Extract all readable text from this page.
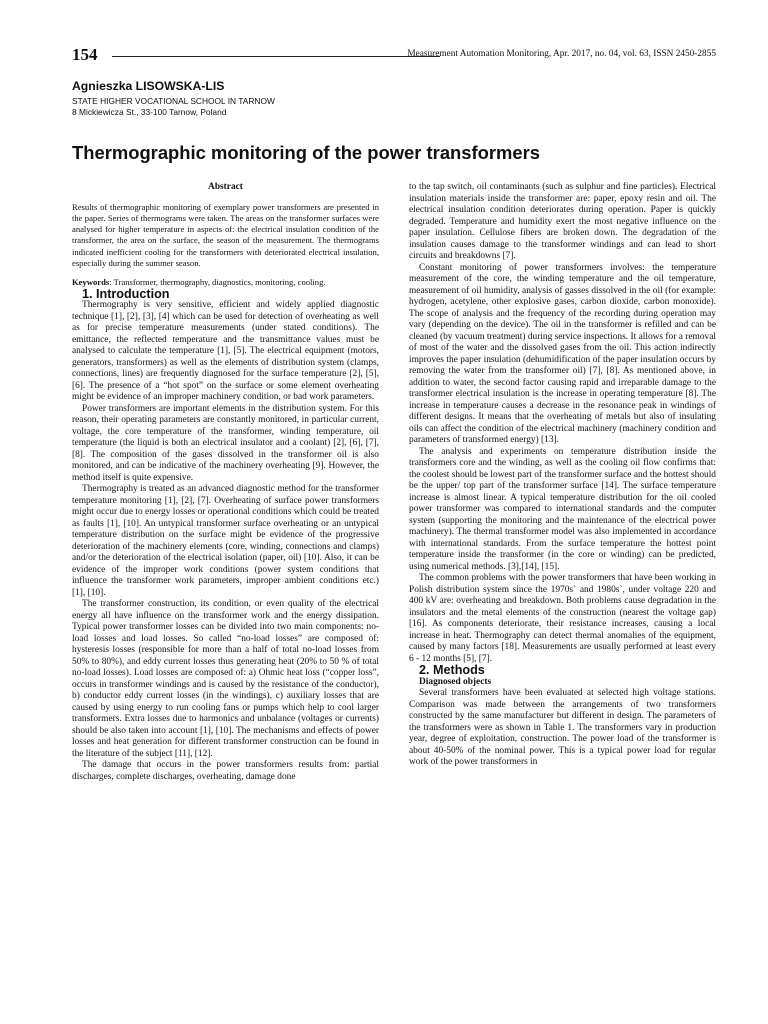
154	Measurement Automation Monitoring, Apr. 2017, no. 04, vol. 63, ISSN 2450-2855
Agnieszka LISOWSKA-LIS
STATE HIGHER VOCATIONAL SCHOOL IN TARNOW
8 Mickiewicza St., 33-100 Tarnow, Poland
Thermographic monitoring of the power transformers

Abstract

Results of thermographic monitoring of exemplary power transformers are presented in the paper. Series of thermograms were taken. The areas on the transformer surfaces were analysed for higher temperature in aspects of: the electrical insulation condition of the transformer, the area on the surface, the season of the measurement. The thermograms indicated inefficient cooling for the transformers with deteriorated electrical insulation, especially during the summer season.

Keywords: Transformer, thermography, diagnostics, monitoring, cooling.

1. Introduction

Thermography is very sensitive, efficient and widely applied diagnostic technique [1], [2], [3], [4] which can be used for detection of overheating as well as for precise temperature measurements (under stated conditions). The emittance, the reflected temperature and the transmittance values must be analysed to calculate the temperature [1], [5]. The electrical equipment (motors, generators, transformers) as well as the elements of distribution system (clamps, connections, lines) are frequently diagnosed for the surface temperature [2], [5], [6]. The presence of a “hot spot” on the surface or some element overheating might be evidence of an improper machinery condition, or bad work parameters.

Power transformers are important elements in the distribution system. For this reason, their operating parameters are constantly monitored, in particular current, voltage, the core temperature of the transformer, winding temperature, oil temperature (the liquid is both an electrical insulator and a coolant) [2], [6], [7], [8]. The composition of the gases dissolved in the transformer oil is also monitored, and can be indicative of the machinery overheating [9]. However, the method itself is quite expensive.

Thermography is treated as an advanced diagnostic method for the transformer temperature monitoring [1], [2], [7]. Overheating of surface power transformers might occur due to energy losses or operational conditions which could be treated as faults [1], [10]. An untypical transformer surface overheating or an untypical temperature distribution on the surface might be evidence of the progressive deterioration of the machinery elements (core, winding, connections and clamps) and/or the deterioration of the electrical isolation (paper, oil) [10]. Also, it can be evidence of the improper work conditions (power system conditions that influence the transformer work parameters, improper ambient conditions etc.) [1], [10].

The transformer construction, its condition, or even quality of the electrical energy all have influence on the transformer work and the energy dissipation. Typical power transformer losses can be divided into two main components: no-load losses and load losses. So called “no-load losses” are composed of: hysteresis losses (responsible for more than a half of total no-load losses from 50% to 80%), and eddy current losses thus generating heat (20% to 50 % of total no-load losses). Load losses are composed of: a) Ohmic heat loss (“copper loss”, occurs in transformer windings and is caused by the resistance of the conductor), b) conductor eddy current losses (in the windings), c) auxiliary losses that are caused by using energy to run cooling fans or pumps which help to cool larger transformers. Extra losses due to harmonics and unbalance (voltages or currents) should be also taken into account [1], [10]. The mechanisms and effects of power losses and heat generation for different transformer construction can be found in the literature of the subject [11], [12].

The damage that occurs in the power transformers results from: partial discharges, complete discharges, overheating, damage done

to the tap switch, oil contaminants (such as sulphur and fine particles). Electrical insulation materials inside the transformer are: paper, epoxy resin and oil. The electrical insulation condition deteriorates during operation. Paper is quickly degraded. Temperature and humidity exert the most negative influence on the paper insulation. Cellulose fibers are broken down. The degradation of the insulation causes damage to the transformer windings and can lead to short circuits and breakdowns [7].

Constant monitoring of power transformers involves: the temperature measurement of the core, the winding temperature and the oil temperature, measurement of oil humidity, analysis of gasses dissolved in the oil (for example: hydrogen, acetylene, other explosive gases, carbon dioxide, carbon monoxide). The scope of analysis and the frequency of the recording during operation may vary (depending on the device). The oil in the transformer is refilled and can be cleaned (by vacuum treatment) during service inspections. It allows for a removal of most of the water and the dissolved gases from the oil. This action indirectly improves the paper insulation (dehumidification of the paper insulation occurs by removing the water from the transformer oil) [7], [8]. As mentioned above, in addition to water, the second factor causing rapid and irreparable damage to the transformer electrical insulation is the increase in operating temperature [8]. The increase in temperature causes a decrease in the resonance peak in windings of different designs. It means that the overheating of metals but also of insulating oils can affect the condition of the electrical machinery (machinery condition and parameters of transformed energy) [13].

The analysis and experiments on temperature distribution inside the transformers core and the winding, as well as the cooling oil flow confirms that: the coolest should be lowest part of the transformer surface and the hottest should be the upper/ top part of the transformer surface [14]. The surface temperature increase is almost linear. A typical temperature distribution for the oil cooled power transformer was compared to international standards and the computer system (supporting the monitoring and the maintenance of the electrical power machinery). The thermal transformer model was also implemented in accordance with international standards. From the surface temperature the hottest point temperature inside the transformer (in the core or winding) can be predicted, using numerical methods. [3],[14], [15].

The common problems with the power transformers that have been working in Polish distribution system since the 1970s` and 1980s`, under voltage 220 and 400 kV are: overheating and breakdown. Both problems cause degradation in the insulators and the metal elements of the construction (nearest the voltage gap) [16]. As components deteriorate, their resistance increases, causing a local increase in heat. Thermography can detect thermal anomalies of the equipment, caused by many factors [18]. Measurements are usually performed at least every 6 - 12 months [5], [7].

2. Methods

Diagnosed objects

Several transformers have been evaluated at selected high voltage stations. Comparison was made between the arrangements of two transformers constructed by the same manufacturer but different in design. The parameters of the transformers were as shown in Table 1. The transformers vary in production year, degree of exploitation, construction. The power load of the transformer is about 40-50% of the nominal power. This is a typical power load for regular work of the power transformers in
